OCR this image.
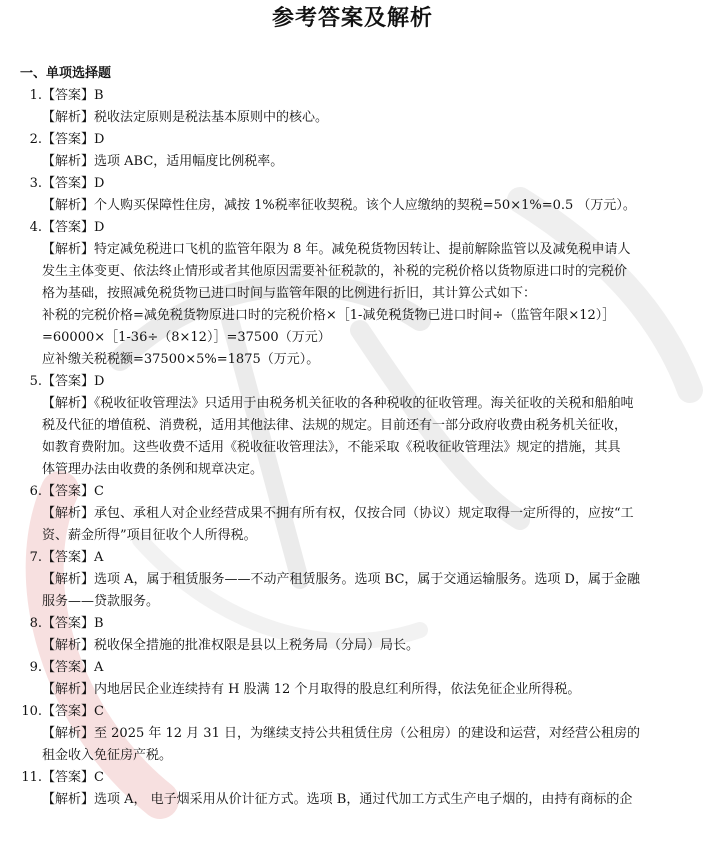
参考答案及解析
一、单项选择题
1.【答案】B
【解析】税收法定原则是税法基本原则中的核心。
2.【答案】D
【解析】选项 ABC，适用幅度比例税率。
3.【答案】D
【解析】个人购买保障性住房，减按 1%税率征收契税。该个人应缴纳的契税=50×1%=0.5 （万元）。
4.【答案】D
【解析】特定减免税进口飞机的监管年限为 8 年。减免税货物因转让、提前解除监管以及减免税申请人
发生主体变更、依法终止情形或者其他原因需要补征税款的，补税的完税价格以货物原进口时的完税价
格为基础，按照减免税货物已进口时间与监管年限的比例进行折旧，其计算公式如下：
补税的完税价格=减免税货物原进口时的完税价格×［1-减免税货物已进口时间÷（监管年限×12）］
=60000×［1-36÷（8×12）］=37500（万元）
应补缴关税税额=37500×5%=1875（万元）。
5.【答案】D
【解析】《税收征收管理法》只适用于由税务机关征收的各种税收的征收管理。海关征收的关税和船舶吨
税及代征的增值税、消费税，适用其他法律、法规的规定。目前还有一部分政府收费由税务机关征收，
如教育费附加。这些收费不适用《税收征收管理法》，不能采取《税收征收管理法》规定的措施，其具
体管理办法由收费的条例和规章决定。
6.【答案】C
【解析】承包、承租人对企业经营成果不拥有所有权，仅按合同（协议）规定取得一定所得的，应按“工
资、薪金所得”项目征收个人所得税。
7.【答案】A
【解析】选项 A，属于租赁服务——不动产租赁服务。选项 BC，属于交通运输服务。选项 D，属于金融
服务——贷款服务。
8.【答案】B
【解析】税收保全措施的批准权限是县以上税务局（分局）局长。
9.【答案】A
【解析】内地居民企业连续持有 H 股满 12 个月取得的股息红利所得，依法免征企业所得税。
10.【答案】C
【解析】至 2025 年 12 月 31 日，为继续支持公共租赁住房（公租房）的建设和运营，对经营公租房的
租金收入免征房产税。
11.【答案】C
【解析】选项 A， 电子烟采用从价计征方式。选项 B，通过代加工方式生产电子烟的，由持有商标的企
